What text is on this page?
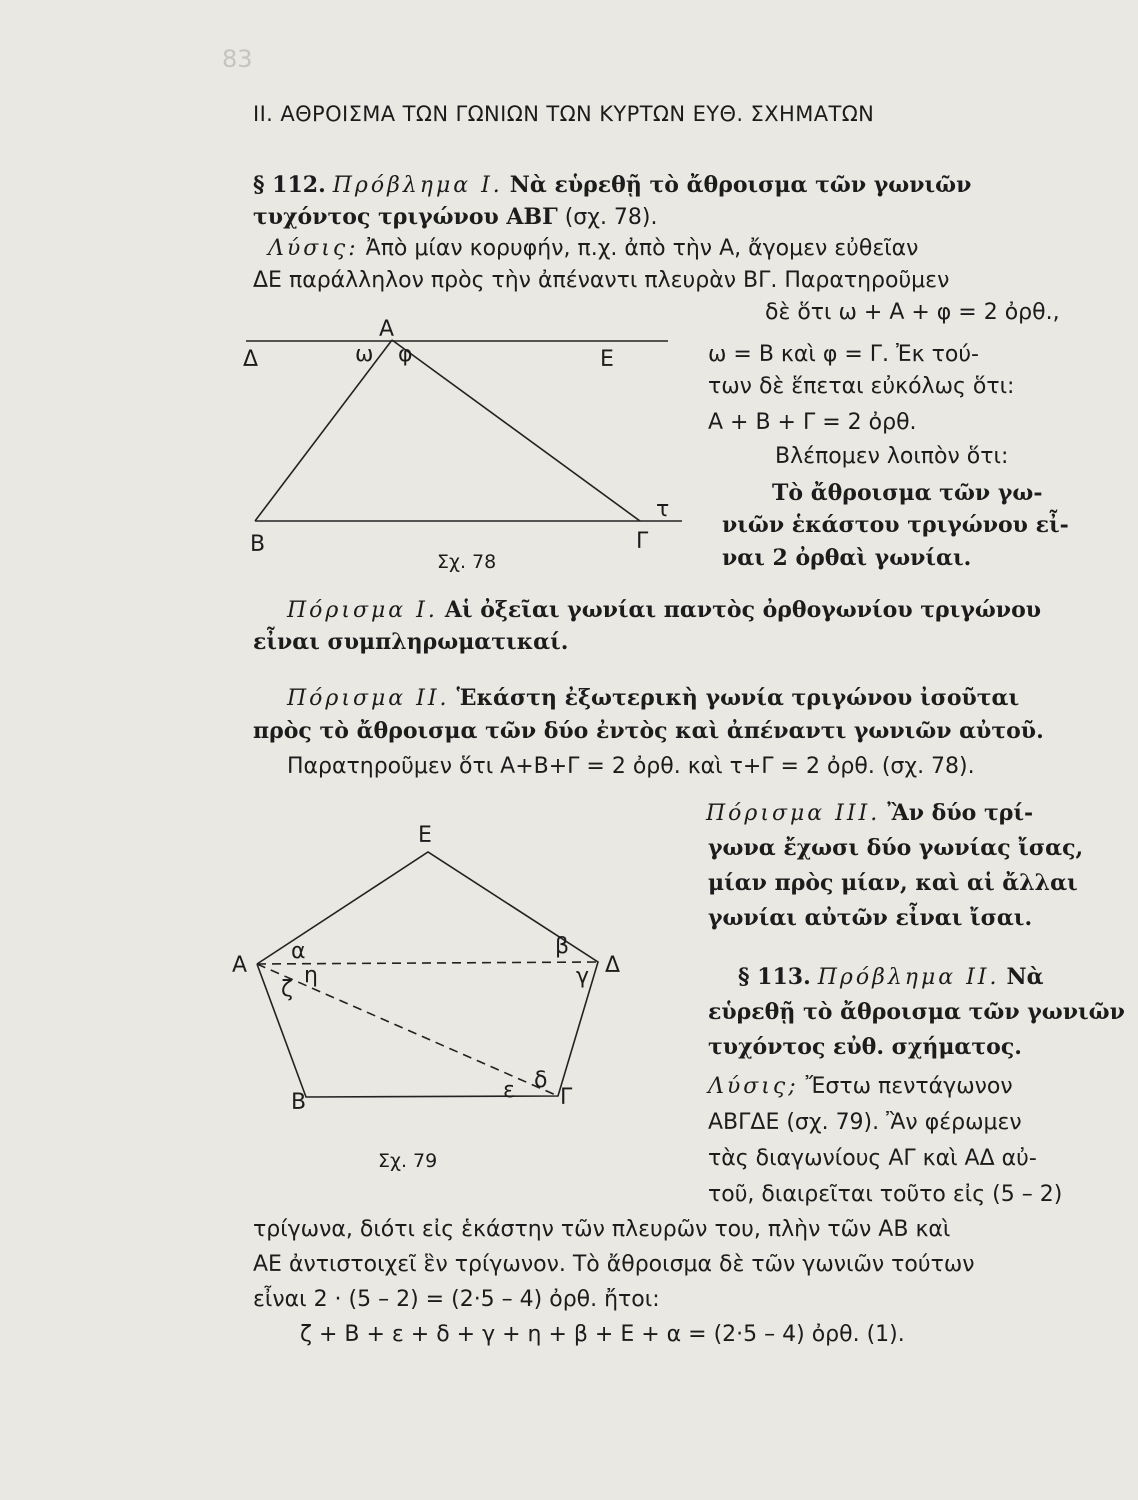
83
II. ΑΘΡΟΙΣΜΑ ΤΩΝ ΓΩΝΙΩΝ ΤΩΝ ΚΥΡΤΩΝ ΕΥΘ. ΣΧΗΜΑΤΩΝ
§ 112. Πρόβλημα Ι. Νὰ εὑρεθῇ τὸ ἄθροισμα τῶν γωνιῶν
τυχόντος τριγώνου ΑΒΓ (σχ. 78).
Λύσις: Ἀπὸ μίαν κορυφήν, π.χ. ἀπὸ τὴν Α, ἄγομεν εὐθεῖαν
ΔΕ παράλληλον πρὸς τὴν ἀπέναντι πλευρὰν ΒΓ. Παρατηροῦμεν
δὲ ὅτι ω + Α + φ = 2 ὀρθ.,
ω = Β καὶ φ = Γ. Ἐκ τού-
των δὲ ἕπεται εὐκόλως ὅτι:
Α + Β + Γ = 2 ὀρθ.
Βλέπομεν λοιπὸν ὅτι:
Τὸ ἄθροισμα τῶν γω-
νιῶν ἑκάστου τριγώνου εἶ-
ναι 2 ὀρθαὶ γωνίαι.
Α
Δ	Ε
ω φ
Β	Γ
τ
Σχ. 78
Ε
Α	Δ
α	β
γ
η
ζ
Β	Γ
ε δ
Σχ. 79
Πόρισμα Ι. Αἱ ὀξεῖαι γωνίαι παντὸς ὀρθογωνίου τριγώνου
εἶναι συμπληρωματικαί.
Πόρισμα ΙΙ. Ἑκάστη ἐξωτερικὴ γωνία τριγώνου ἰσοῦται
πρὸς τὸ ἄθροισμα τῶν δύο ἐντὸς καὶ ἀπέναντι γωνιῶν αὐτοῦ.
Παρατηροῦμεν ὅτι Α+Β+Γ = 2 ὀρθ. καὶ τ+Γ = 2 ὀρθ. (σχ. 78).
Πόρισμα ΙΙΙ. Ἂν δύο τρί-
γωνα ἔχωσι δύο γωνίας ἴσας,
μίαν πρὸς μίαν, καὶ αἱ ἄλλαι
γωνίαι αὐτῶν εἶναι ἴσαι.
§ 113. Πρόβλημα ΙΙ. Νὰ
εὑρεθῇ τὸ ἄθροισμα τῶν γωνιῶν
τυχόντος εὐθ. σχήματος.
Λύσις; Ἔστω πεντάγωνον
ΑΒΓΔΕ (σχ. 79). Ἂν φέρωμεν
τὰς διαγωνίους ΑΓ καὶ ΑΔ αὐ-
τοῦ, διαιρεῖται τοῦτο εἰς (5 – 2)
τρίγωνα, διότι εἰς ἑκάστην τῶν πλευρῶν του, πλὴν τῶν ΑΒ καὶ
ΑΕ ἀντιστοιχεῖ ἓν τρίγωνον. Τὸ ἄθροισμα δὲ τῶν γωνιῶν τούτων
εἶναι 2 · (5 – 2) = (2·5 – 4) ὀρθ. ἤτοι:
ζ + Β + ε + δ + γ + η + β + Ε + α = (2·5 – 4) ὀρθ. (1).
